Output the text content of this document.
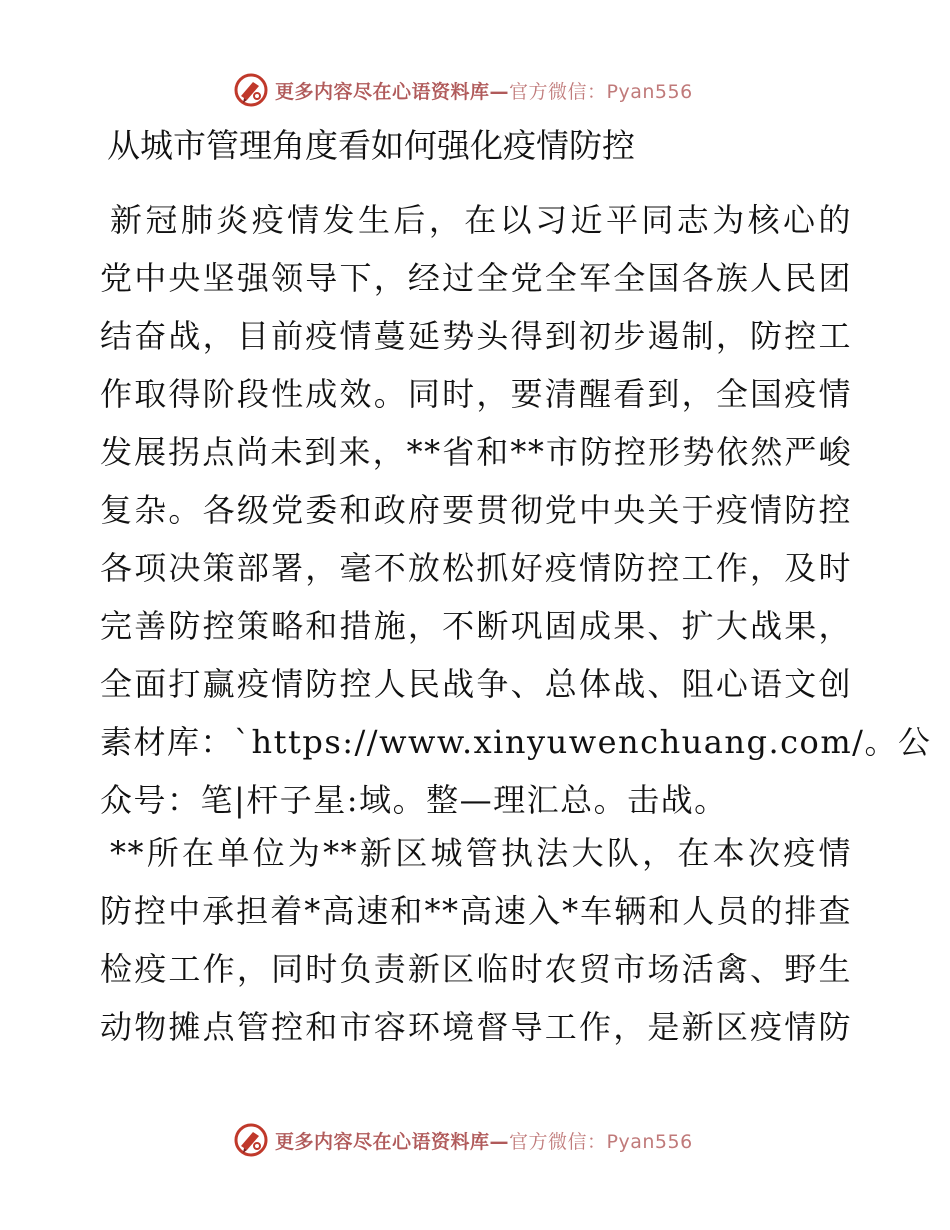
更多内容尽在心语资料库—官方微信：Pyan556
从城市管理角度看如何强化疫情防控
新冠肺炎疫情发生后，在以习近平同志为核心的
党中央坚强领导下，经过全党全军全国各族人民团
结奋战，目前疫情蔓延势头得到初步遏制，防控工
作取得阶段性成效。同时，要清醒看到，全国疫情
发展拐点尚未到来，**省和**市防控形势依然严峻
复杂。各级党委和政府要贯彻党中央关于疫情防控
各项决策部署，毫不放松抓好疫情防控工作，及时
完善防控策略和措施，不断巩固成果、扩大战果，
全面打赢疫情防控人民战争、总体战、阻心语文创
素材库：`https://www.xinyuwenchuang.com/。公
众号：笔|杆子星:域。整—理汇总。击战。
**所在单位为**新区城管执法大队，在本次疫情
防控中承担着*高速和**高速入*车辆和人员的排查
检疫工作，同时负责新区临时农贸市场活禽、野生
动物摊点管控和市容环境督导工作，是新区疫情防
更多内容尽在心语资料库—官方微信：Pyan556
